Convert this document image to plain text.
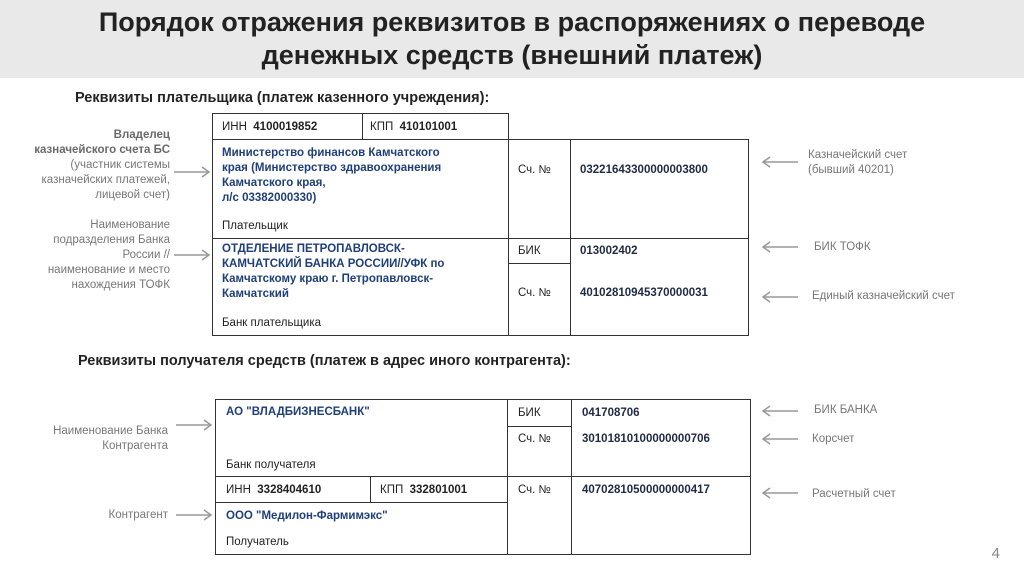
Порядок отражения реквизитов в распоряжениях о переводе
денежных средств (внешний платеж)
Реквизиты плательщика (платеж казенного учреждения):
Владелец
казначейского счета БС
(участник системы
казначейских платежей,
лицевой счет)
Наименование
подразделения Банка
России //
наименование и место
нахождения ТОФК
ИНН 4100019852	КПП 410101001
Министерство финансов Камчатского
края (Министерство здравоохранения
Камчатского края,
л/с 03382000330)
Плательщик
Сч. №	03221643300000003800
ОТДЕЛЕНИЕ ПЕТРОПАВЛОВСК-
КАМЧАТСКИЙ БАНКА РОССИИ//УФК по
Камчатскому краю г. Петропавловск-
Камчатский
Банк плательщика
БИК	013002402
Сч. №	40102810945370000031
Казначейский счет
(бывший 40201)
БИК ТОФК
Единый казначейский счет
Реквизиты получателя средств (платеж в адрес иного контрагента):
Наименование Банка
Контрагента
Контрагент
АО "ВЛАДБИЗНЕСБАНК"
Банк получателя
БИК	041708706
Сч. №	30101810100000000706
ИНН 3328404610	КПП 332801001	Сч. №	40702810500000000417
ООО "Медилон-Фармимэкс"
Получатель
БИК БАНКА
Корсчет
Расчетный счет
4
